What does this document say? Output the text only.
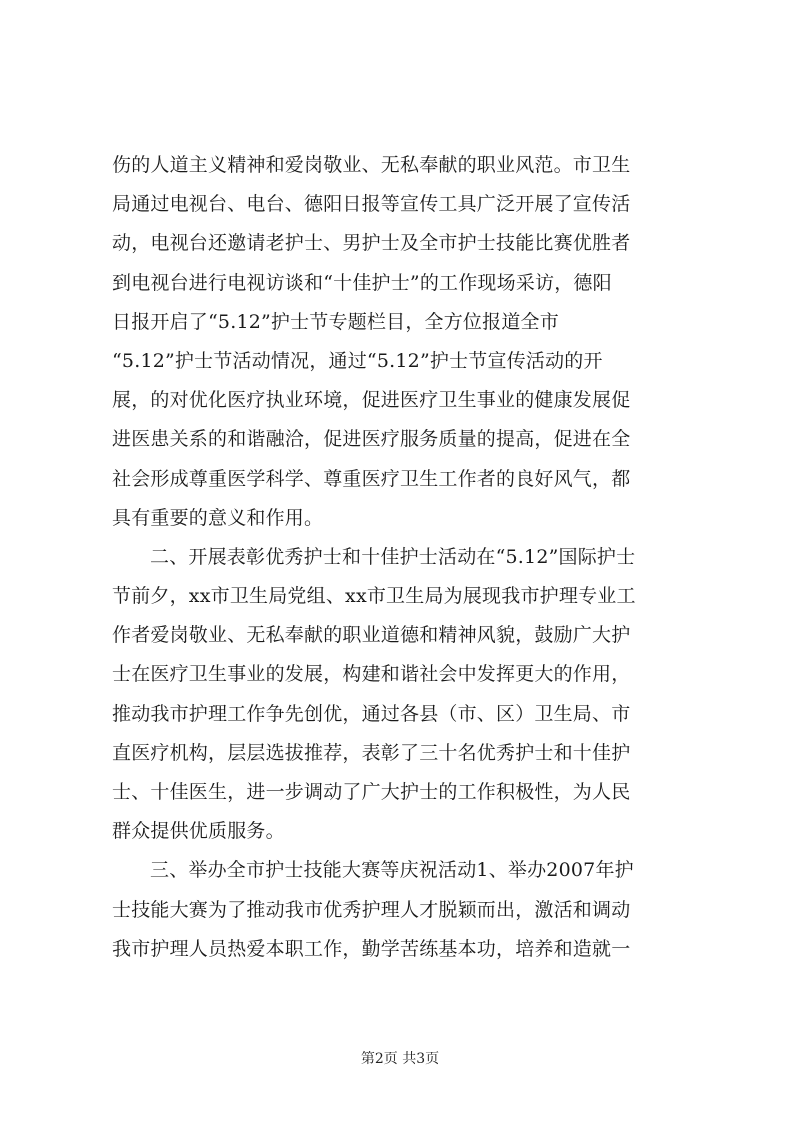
伤的人道主义精神和爱岗敬业、无私奉献的职业风范。市卫生
局通过电视台、电台、德阳日报等宣传工具广泛开展了宣传活
动，电视台还邀请老护士、男护士及全市护士技能比赛优胜者
到电视台进行电视访谈和“十佳护士”的工作现场采访，德阳
日报开启了“5.12”护士节专题栏目，全方位报道全市
“5.12”护士节活动情况，通过“5.12”护士节宣传活动的开
展，的对优化医疗执业环境，促进医疗卫生事业的健康发展促
进医患关系的和谐融洽，促进医疗服务质量的提高，促进在全
社会形成尊重医学科学、尊重医疗卫生工作者的良好风气，都
具有重要的意义和作用。
二、开展表彰优秀护士和十佳护士活动在“5.12”国际护士
节前夕，xx市卫生局党组、xx市卫生局为展现我市护理专业工
作者爱岗敬业、无私奉献的职业道德和精神风貌，鼓励广大护
士在医疗卫生事业的发展，构建和谐社会中发挥更大的作用，
推动我市护理工作争先创优，通过各县（市、区）卫生局、市
直医疗机构，层层选拔推荐，表彰了三十名优秀护士和十佳护
士、十佳医生，进一步调动了广大护士的工作积极性，为人民
群众提供优质服务。
三、举办全市护士技能大赛等庆祝活动1、举办2007年护
士技能大赛为了推动我市优秀护理人才脱颖而出，激活和调动
我市护理人员热爱本职工作，勤学苦练基本功，培养和造就一
第2页 共3页
